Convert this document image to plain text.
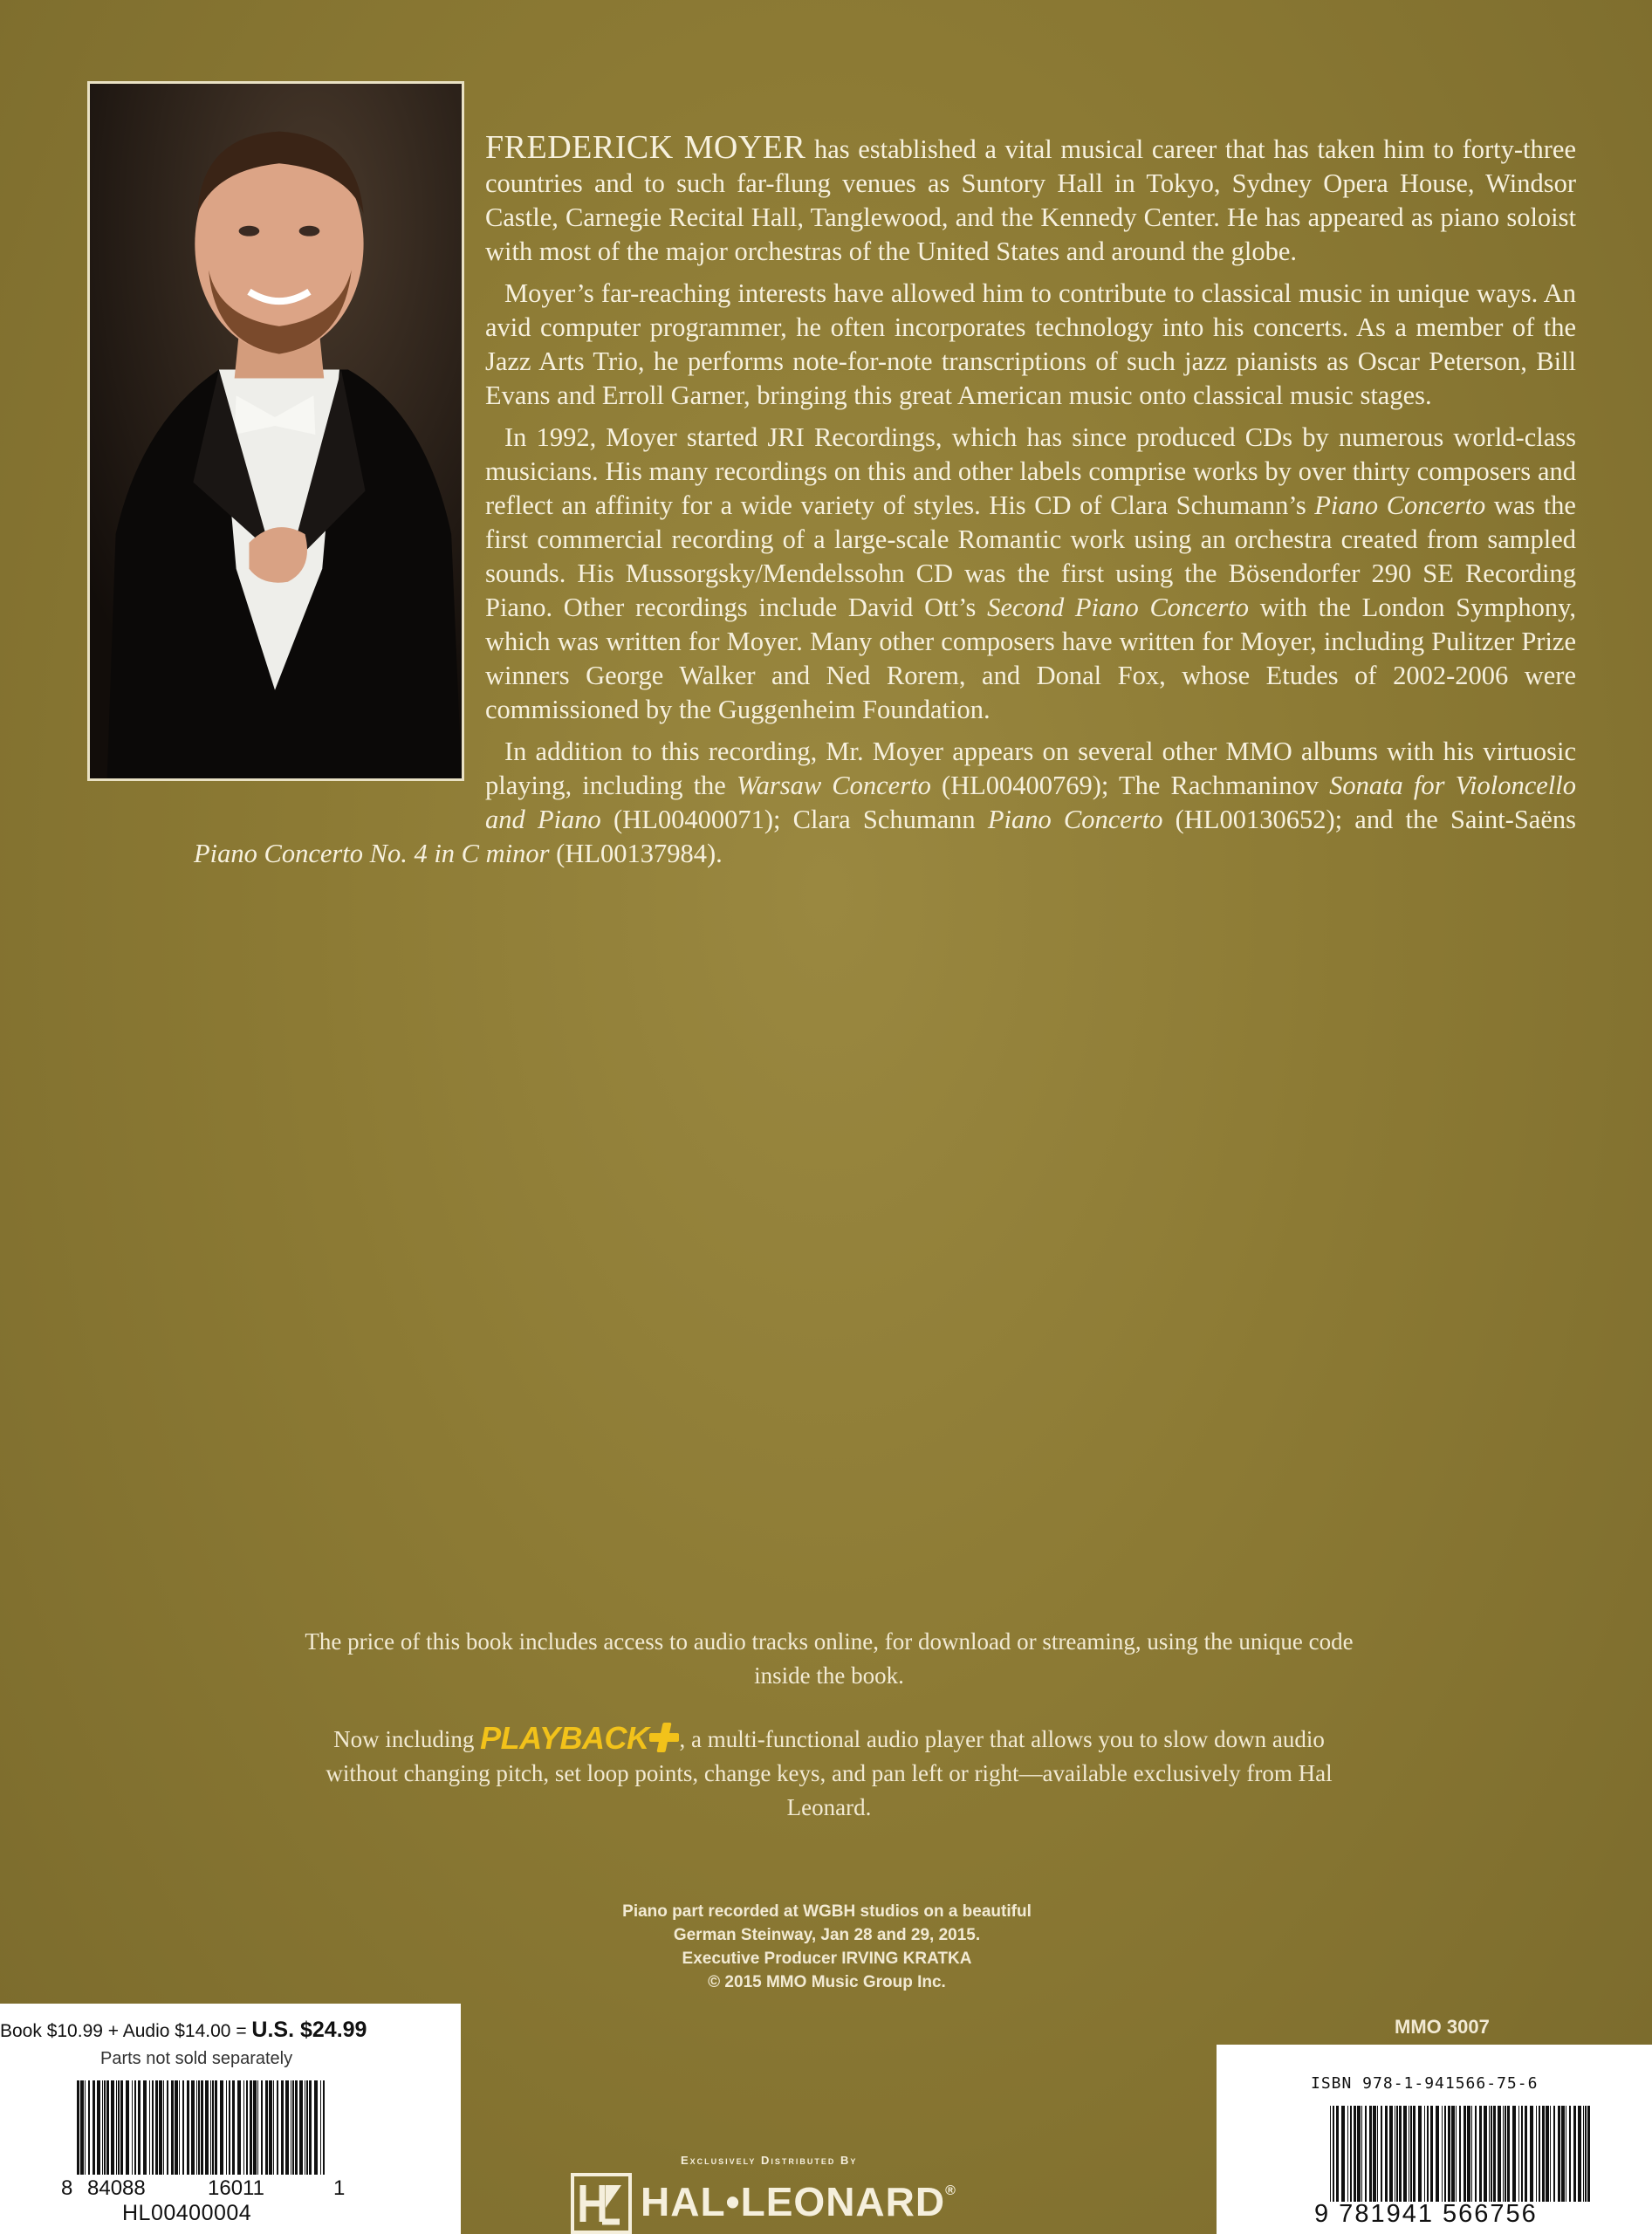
FREDERICK MOYER has established a vital musical career that has taken him to forty-three countries and to such far-flung venues as Suntory Hall in Tokyo, Sydney Opera House, Windsor Castle, Carnegie Recital Hall, Tanglewood, and the Kennedy Center. He has appeared as piano soloist with most of the major orchestras of the United States and around the globe.

Moyer’s far-reaching interests have allowed him to contribute to classical music in unique ways. An avid computer programmer, he often incorporates technology into his concerts. As a member of the Jazz Arts Trio, he performs note-for-note transcriptions of such jazz pianists as Oscar Peterson, Bill Evans and Erroll Garner, bringing this great American music onto classical music stages.

In 1992, Moyer started JRI Recordings, which has since produced CDs by numerous world-class musicians. His many recordings on this and other labels comprise works by over thirty composers and reflect an affinity for a wide variety of styles. His CD of Clara Schumann’s Piano Concerto was the first commercial recording of a large-scale Romantic work using an orchestra created from sampled sounds. His Mussorgsky/Mendelssohn CD was the first using the Bösendorfer 290 SE Recording Piano. Other recordings include David Ott’s Second Piano Concerto with the London Symphony, which was written for Moyer. Many other composers have written for Moyer, including Pulitzer Prize winners George Walker and Ned Rorem, and Donal Fox, whose Etudes of 2002-2006 were commissioned by the Guggenheim Foundation.

In addition to this recording, Mr. Moyer appears on several other MMO albums with his virtuosic playing, including the Warsaw Concerto (HL00400769); The Rachmaninov Sonata for Violoncello and Piano (HL00400071); Clara Schumann Piano Concerto (HL00130652); and the Saint-Saëns Piano Concerto No. 4 in C minor (HL00137984).

The price of this book includes access to audio tracks online, for download or streaming, using the unique code inside the book.

Now including PLAYBACK , a multi-functional audio player that allows you to slow down audio without changing pitch, set loop points, change keys, and pan left or right—available exclusively from Hal Leonard.

Piano part recorded at WGBH studios on a beautiful
German Steinway, Jan 28 and 29, 2015.
Executive Producer IRVING KRATKA
© 2015 MMO Music Group Inc.
MMO 3007
Book $10.99 + Audio $14.00 = U.S. $24.99
Parts not sold separately
8 84088	16011	1
HL00400004
ISBN 978-1-941566-75-6
9 781941 566756
Exclusively Distributed By
HAL•LEONARD®
